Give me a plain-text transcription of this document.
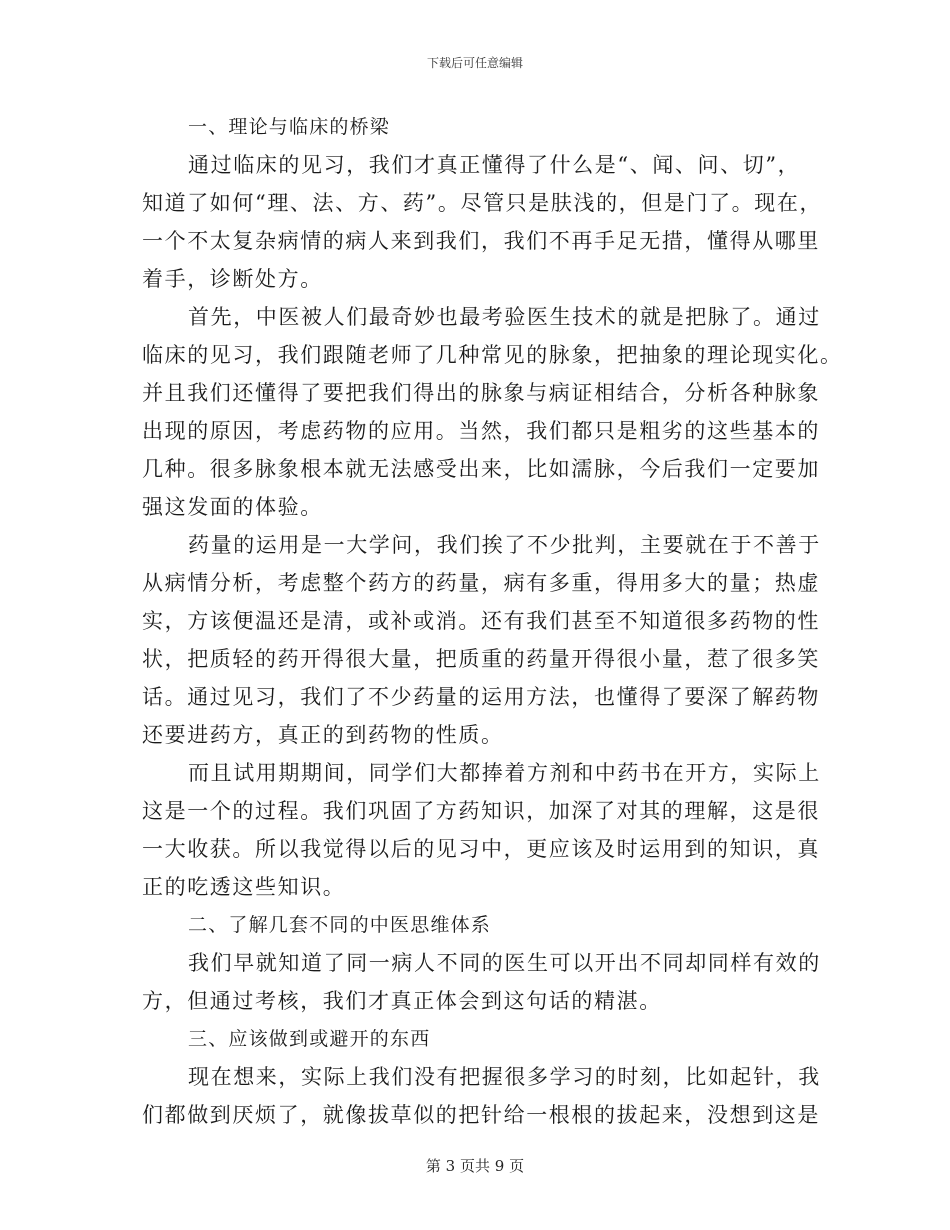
下载后可任意编辑
一、理论与临床的桥梁
通过临床的见习，我们才真正懂得了什么是“、闻、问、切”，
知道了如何“理、法、方、药”。尽管只是肤浅的，但是门了。现在，
一个不太复杂病情的病人来到我们，我们不再手足无措，懂得从哪里
着手，诊断处方。
首先，中医被人们最奇妙也最考验医生技术的就是把脉了。通过
临床的见习，我们跟随老师了几种常见的脉象，把抽象的理论现实化。
并且我们还懂得了要把我们得出的脉象与病证相结合，分析各种脉象
出现的原因，考虑药物的应用。当然，我们都只是粗劣的这些基本的
几种。很多脉象根本就无法感受出来，比如濡脉，今后我们一定要加
强这发面的体验。
药量的运用是一大学问，我们挨了不少批判，主要就在于不善于
从病情分析，考虑整个药方的药量，病有多重，得用多大的量；热虚
实，方该便温还是清，或补或消。还有我们甚至不知道很多药物的性
状，把质轻的药开得很大量，把质重的药量开得很小量，惹了很多笑
话。通过见习，我们了不少药量的运用方法，也懂得了要深了解药物
还要进药方，真正的到药物的性质。
而且试用期期间，同学们大都捧着方剂和中药书在开方，实际上
这是一个的过程。我们巩固了方药知识，加深了对其的理解，这是很
一大收获。所以我觉得以后的见习中，更应该及时运用到的知识，真
正的吃透这些知识。
二、了解几套不同的中医思维体系
我们早就知道了同一病人不同的医生可以开出不同却同样有效的
方，但通过考核，我们才真正体会到这句话的精湛。
三、应该做到或避开的东西
现在想来，实际上我们没有把握很多学习的时刻，比如起针，我
们都做到厌烦了，就像拔草似的把针给一根根的拔起来，没想到这是
第 3 页共 9 页
